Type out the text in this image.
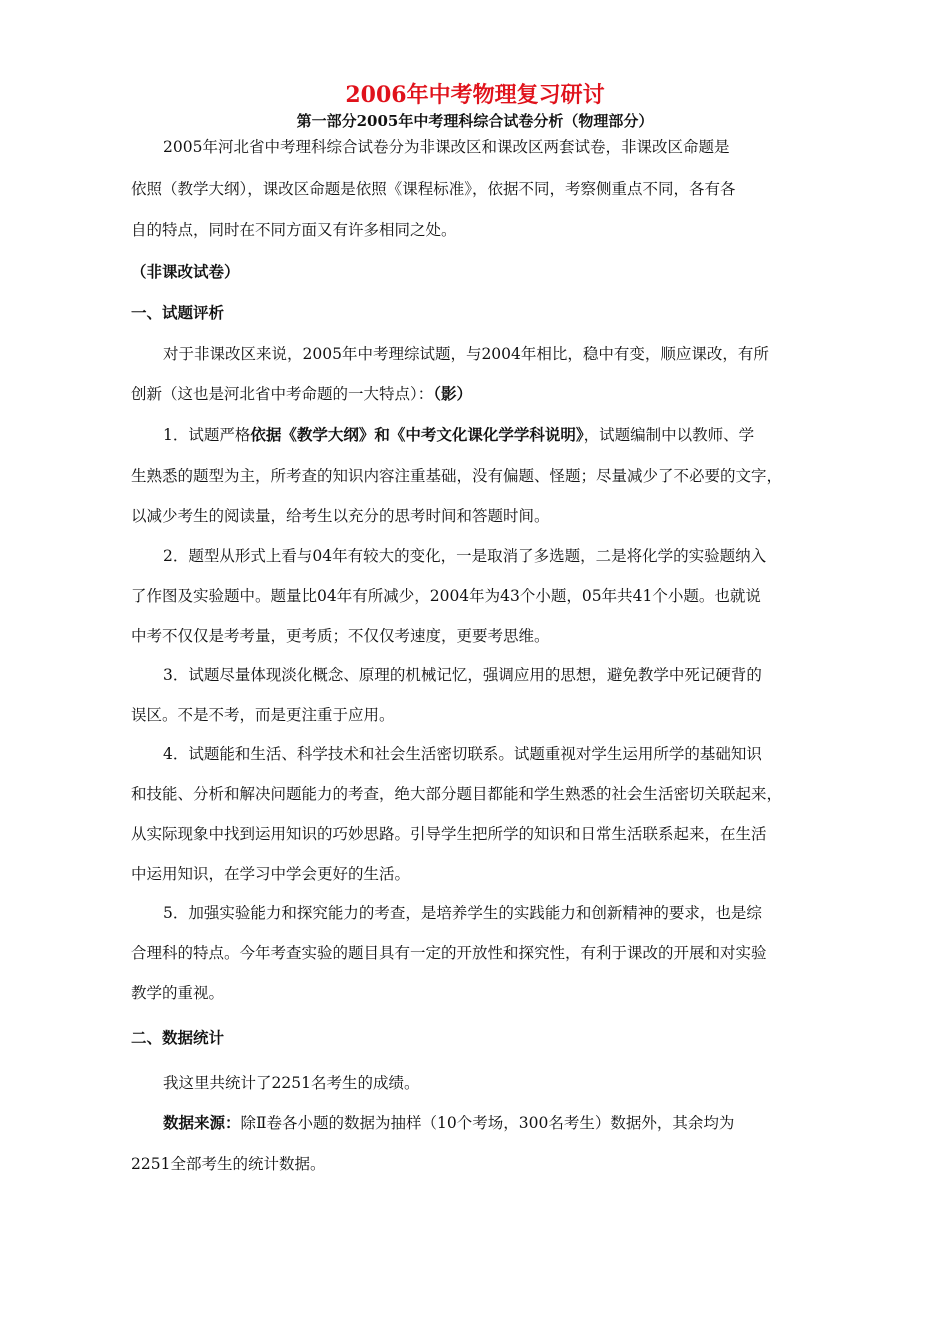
2006年中考物理复习研讨
第一部分2005年中考理科综合试卷分析（物理部分）
2005年河北省中考理科综合试卷分为非课改区和课改区两套试卷，非课改区命题是
依照（教学大纲），课改区命题是依照《课程标准》，依据不同，考察侧重点不同，各有各
自的特点，同时在不同方面又有许多相同之处。
（非课改试卷）
一、试题评析
对于非课改区来说，2005年中考理综试题，与2004年相比，稳中有变，顺应课改，有所
创新（这也是河北省中考命题的一大特点）：（影）
1．试题严格依据《教学大纲》和《中考文化课化学学科说明》，试题编制中以教师、学
生熟悉的题型为主，所考查的知识内容注重基础，没有偏题、怪题；尽量减少了不必要的文字，
以减少考生的阅读量，给考生以充分的思考时间和答题时间。
2．题型从形式上看与04年有较大的变化，一是取消了多选题，二是将化学的实验题纳入
了作图及实验题中。题量比04年有所减少，2004年为43个小题，05年共41个小题。也就说
中考不仅仅是考考量，更考质；不仅仅考速度，更要考思维。
3．试题尽量体现淡化概念、原理的机械记忆，强调应用的思想，避免教学中死记硬背的
误区。不是不考，而是更注重于应用。
4．试题能和生活、科学技术和社会生活密切联系。试题重视对学生运用所学的基础知识
和技能、分析和解决问题能力的考查，绝大部分题目都能和学生熟悉的社会生活密切关联起来，
从实际现象中找到运用知识的巧妙思路。引导学生把所学的知识和日常生活联系起来，在生活
中运用知识，在学习中学会更好的生活。
5．加强实验能力和探究能力的考查，是培养学生的实践能力和创新精神的要求，也是综
合理科的特点。今年考查实验的题目具有一定的开放性和探究性，有利于课改的开展和对实验
教学的重视。
二、数据统计
我这里共统计了2251名考生的成绩。
数据来源：除Ⅱ卷各小题的数据为抽样（10个考场，300名考生）数据外，其余均为
2251全部考生的统计数据。
